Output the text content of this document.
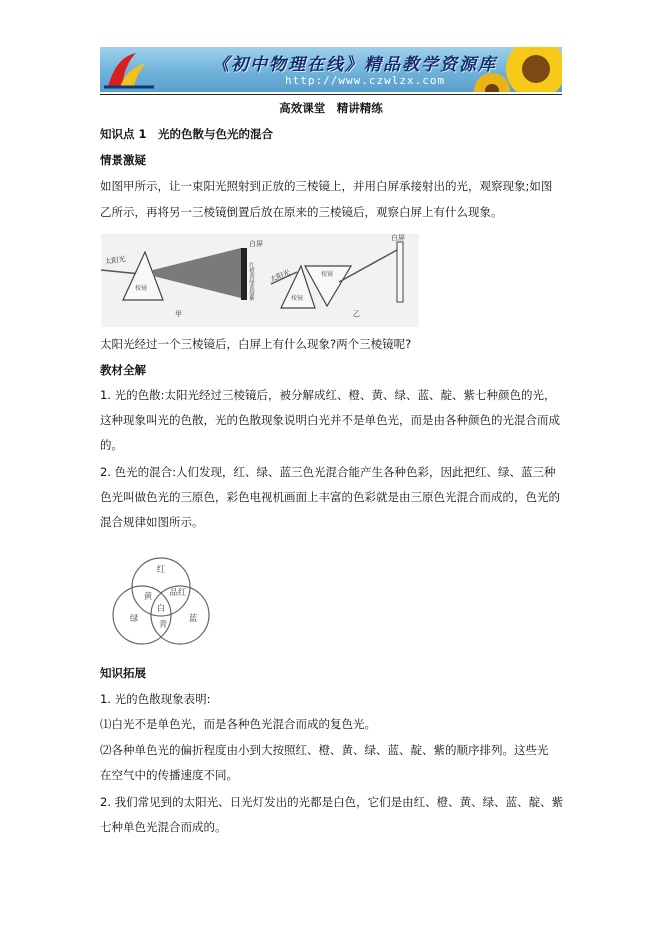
《初中物理在线》精品教学资源库
http://www.czwlzx.com
高效课堂　精讲精练
知识点 1　光的色散与色光的混合
情景激疑
如图甲所示，让一束阳光照射到正放的三棱镜上，并用白屏承接射出的光，观察现象;如图
乙所示，再将另一三棱镜倒置后放在原来的三棱镜后，观察白屏上有什么现象。
太阳光
棱镜
白屏
红橙黄绿蓝靛紫
甲
太阳光
棱镜
棱镜
白屏
乙
太阳光经过一个三棱镜后，白屏上有什么现象?两个三棱镜呢?
教材全解
1. 光的色散:太阳光经过三棱镜后，被分解成红、橙、黄、绿、蓝、靛、紫七种颜色的光，
这种现象叫光的色散，光的色散现象说明白光并不是单色光，而是由各种颜色的光混合而成
的。
2. 色光的混合:人们发现，红、绿、蓝三色光混合能产生各种色彩，因此把红、绿、蓝三种
色光叫做色光的三原色，彩色电视机画面上丰富的色彩就是由三原色光混合而成的，色光的
混合规律如图所示。
红
黄 品红
白
绿
青
蓝
知识拓展
1. 光的色散现象表明:
⑴白光不是单色光，而是各种色光混合而成的复色光。
⑵各种单色光的偏折程度由小到大按照红、橙、黄、绿、蓝、靛、紫的顺序排列。这些光
在空气中的传播速度不同。
2. 我们常见到的太阳光、日光灯发出的光都是白色，它们是由红、橙、黄、绿、蓝、靛、紫
七种单色光混合而成的。
